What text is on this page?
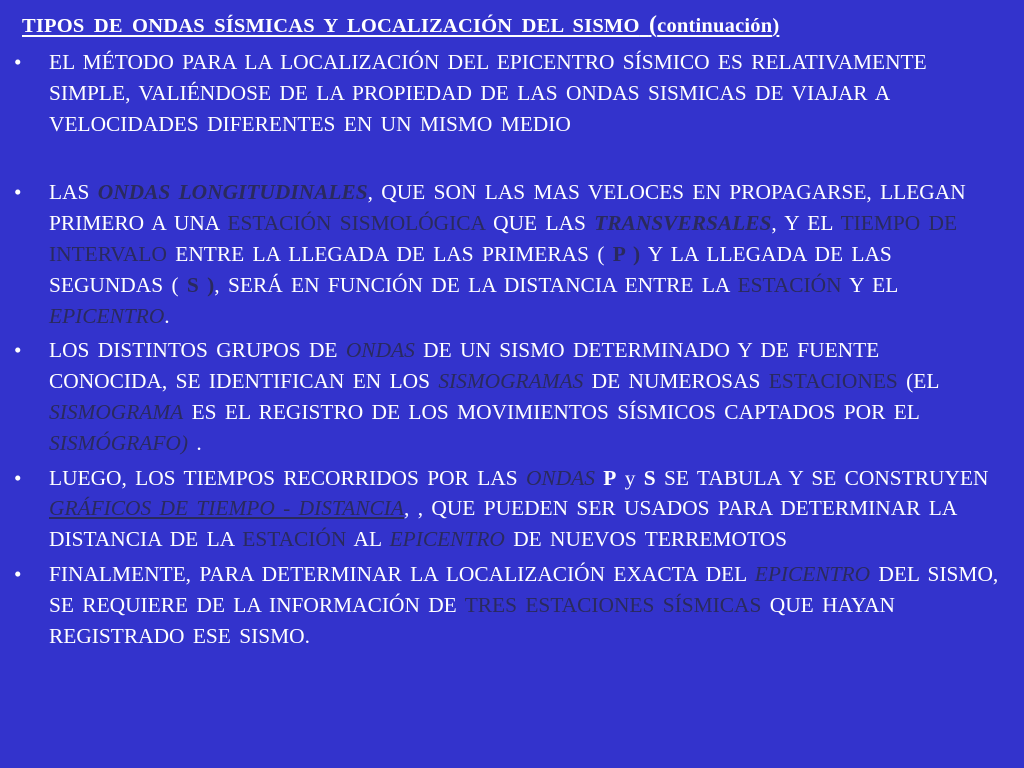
TIPOS DE ONDAS SÍSMICAS Y LOCALIZACIÓN DEL SISMO (continuación)
• EL MÉTODO PARA LA LOCALIZACIÓN DEL EPICENTRO SÍSMICO ES RELATIVAMENTE SIMPLE, VALIÉNDOSE DE LA PROPIEDAD DE LAS ONDAS SISMICAS DE VIAJAR A VELOCIDADES DIFERENTES EN UN MISMO MEDIO

• LAS ONDAS LONGITUDINALES, QUE SON LAS MAS VELOCES EN PROPAGARSE, LLEGAN PRIMERO A UNA ESTACIÓN SISMOLÓGICA QUE LAS TRANSVERSALES, Y EL TIEMPO DE INTERVALO ENTRE LA LLEGADA DE LAS PRIMERAS ( P ) Y LA LLEGADA DE LAS SEGUNDAS ( S ), SERÁ EN FUNCIÓN DE LA DISTANCIA ENTRE LA ESTACIÓN Y EL EPICENTRO.

• LOS DISTINTOS GRUPOS DE ONDAS DE UN SISMO DETERMINADO Y DE FUENTE CONOCIDA, SE IDENTIFICAN EN LOS SISMOGRAMAS DE NUMEROSAS ESTACIONES (EL SISMOGRAMA ES EL REGISTRO DE LOS MOVIMIENTOS SÍSMICOS CAPTADOS POR EL SISMÓGRAFO) .

• LUEGO, LOS TIEMPOS RECORRIDOS POR LAS ONDAS P y S SE TABULA Y SE CONSTRUYEN GRÁFICOS DE TIEMPO - DISTANCIA, , QUE PUEDEN SER USADOS PARA DETERMINAR LA DISTANCIA DE LA ESTACIÓN AL EPICENTRO DE NUEVOS TERREMOTOS

• FINALMENTE, PARA DETERMINAR LA LOCALIZACIÓN EXACTA DEL EPICENTRO DEL SISMO, SE REQUIERE DE LA INFORMACIÓN DE TRES ESTACIONES SÍSMICAS QUE HAYAN REGISTRADO ESE SISMO.
